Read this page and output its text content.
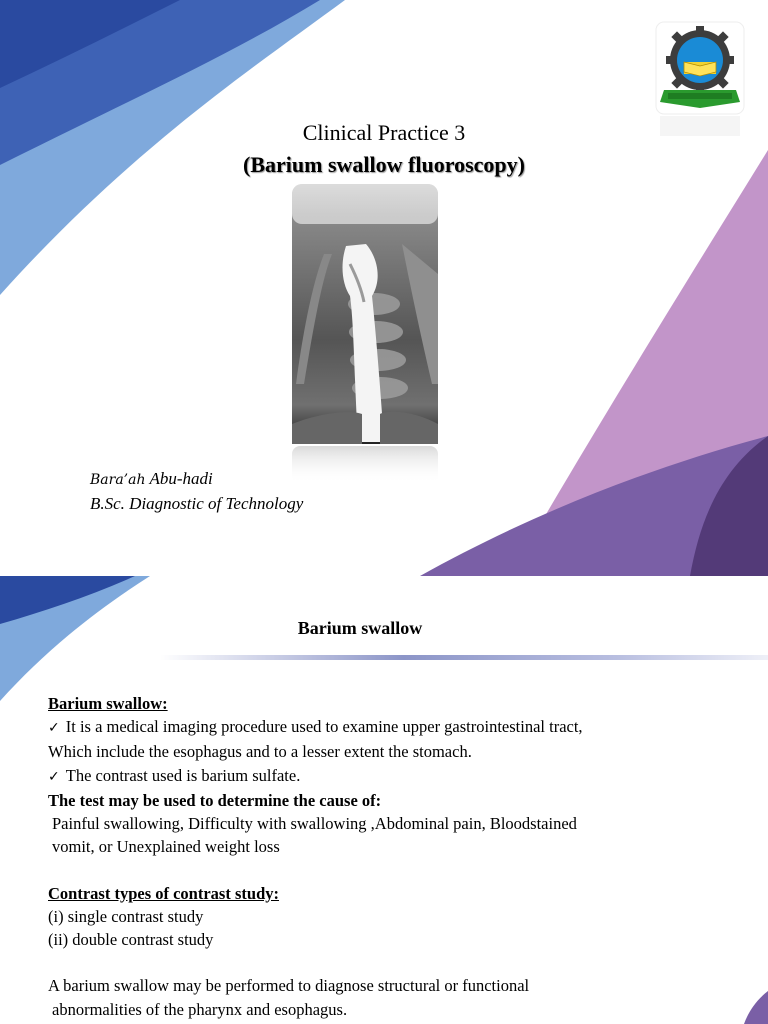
Clinical Practice 3
(Barium swallow fluoroscopy)
Bara’ah Abu-hadi
B.Sc. Diagnostic of Technology
Barium swallow

Barium swallow:

✓ It is a medical imaging procedure used to examine upper gastrointestinal tract,

Which include the esophagus and to a lesser extent the stomach.

✓ The contrast used is barium sulfate.

The test may be used to determine the cause of:

Painful swallowing, Difficulty with swallowing ,Abdominal pain, Bloodstained

vomit, or Unexplained weight loss

Contrast types of contrast study:

(i) single contrast study

(ii) double contrast study

A barium swallow may be performed to diagnose structural or functional

abnormalities of the pharynx and esophagus.
